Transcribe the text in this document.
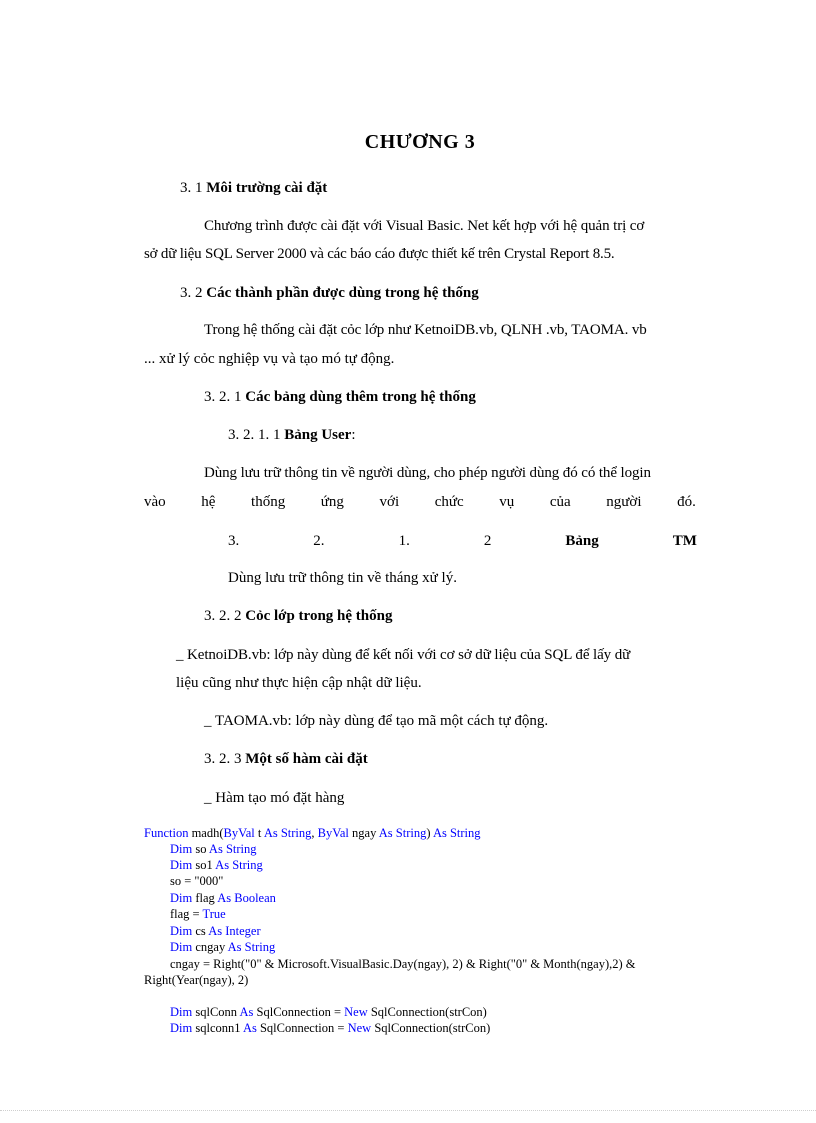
CHƯƠNG 3
3. 1 Môi trường cài đặt
Chương trình được cài đặt với Visual Basic. Net kết hợp với hệ quản trị cơ
sở dữ liệu SQL Server 2000 và các báo cáo được thiết kế trên Crystal Report 8.5.
3. 2 Các thành phần được dùng trong hệ thống
Trong hệ thống cài đặt cỏc lớp như KetnoiDB.vb, QLNH .vb, TAOMA. vb
... xử lý cỏc nghiệp vụ và tạo mó tự động.
3. 2. 1 Các bảng dùng thêm trong hệ thống
3. 2. 1. 1 Bảng User:
Dùng lưu trữ thông tin về người dùng, cho phép người dùng đó có thể login
vào hệ thống ứng với chức vụ của người đó.
3.	2.	1.	2	Bảng	TM
Dùng lưu trữ thông tin về tháng xử lý.
3. 2. 2 Cỏc lớp trong hệ thống
_ KetnoiDB.vb: lớp này dùng để kết nối với cơ sở dữ liệu của SQL để lấy dữ
liệu cũng như thực hiện cập nhật dữ liệu.
_ TAOMA.vb: lớp này dùng để tạo mã một cách tự động.
3. 2. 3 Một số hàm cài đặt
_ Hàm tạo mó đặt hàng
Function madh(ByVal t As String, ByVal ngay As String) As String
Dim so As String
Dim so1 As String
so = "000"
Dim flag As Boolean
flag = True
Dim cs As Integer
Dim cngay As String
cngay = Right("0" & Microsoft.VisualBasic.Day(ngay), 2) & Right("0" & Month(ngay),2) &
Right(Year(ngay), 2)
Dim sqlConn As SqlConnection = New SqlConnection(strCon)
Dim sqlconn1 As SqlConnection = New SqlConnection(strCon)
